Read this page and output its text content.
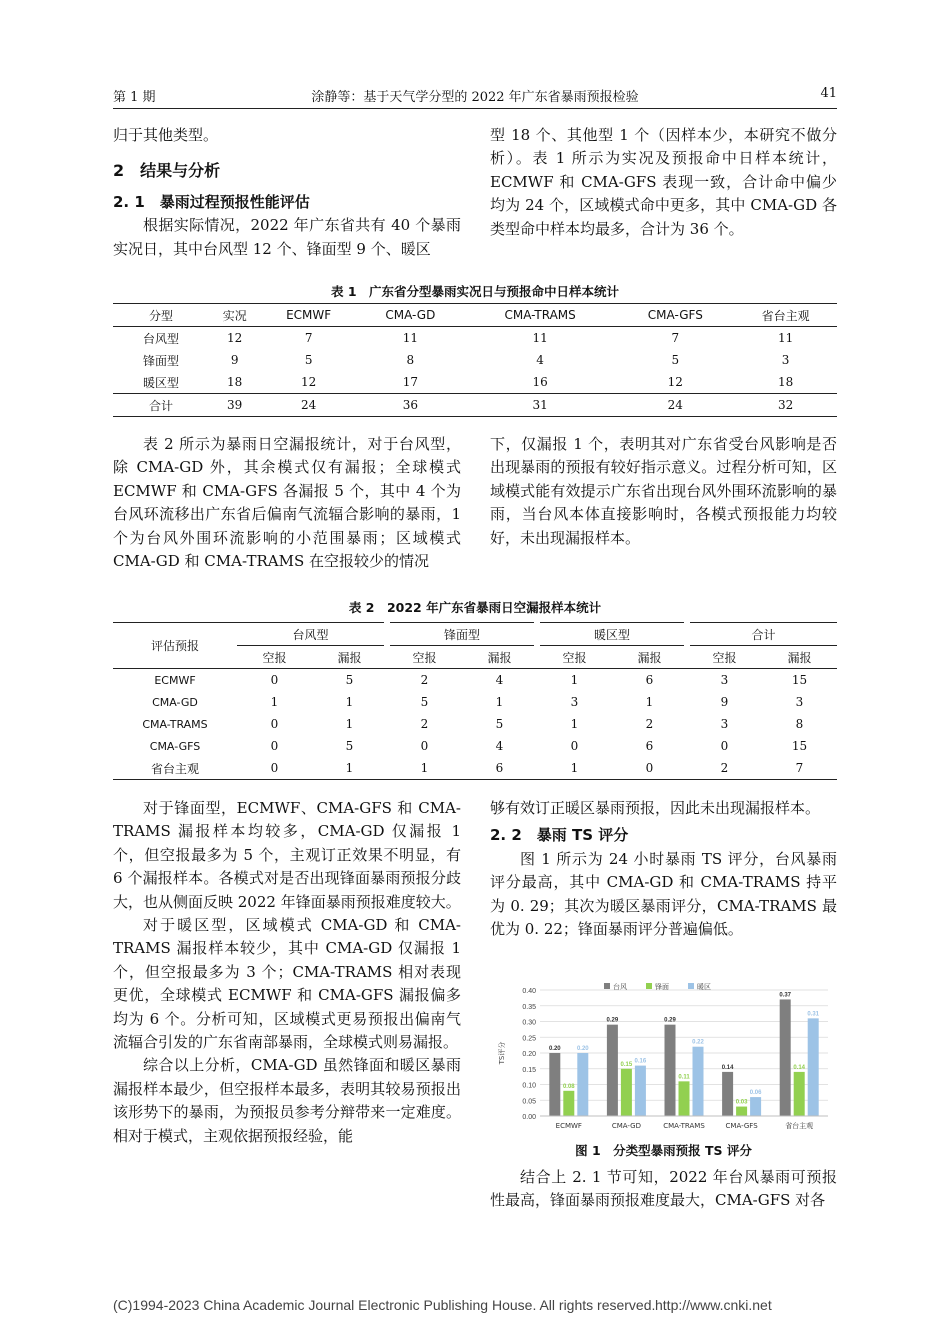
第 1 期	涂静等：基于天气学分型的 2022 年广东省暴雨预报检验	41

归于其他类型。

2　结果与分析
2. 1　暴雨过程预报性能评估

根据实际情况，2022 年广东省共有 40 个暴雨实况日，其中台风型 12 个、锋面型 9 个、暖区

型 18 个、其他型 1 个（因样本少，本研究不做分析）。表 1 所示为实况及预报命中日样本统计，ECMWF 和 CMA-GFS 表现一致，合计命中偏少均为 24 个，区域模式命中更多，其中 CMA-GD 各类型命中样本均最多，合计为 36 个。

表 1　广东省分型暴雨实况日与预报命中日样本统计
分型	实况	ECMWF	CMA-GD	CMA-TRAMS	CMA-GFS	省台主观
台风型	12	7	11	11	7	11
锋面型	9	5	8	4	5	3
暖区型	18	12	17	16	12	18
合计	39	24	36	31	24	32

表 2 所示为暴雨日空漏报统计，对于台风型，除 CMA-GD 外，其余模式仅有漏报；全球模式 ECMWF 和 CMA-GFS 各漏报 5 个，其中 4 个为台风环流移出广东省后偏南气流辐合影响的暴雨，1 个为台风外围环流影响的小范围暴雨；区域模式 CMA-GD 和 CMA-TRAMS 在空报较少的情况

下，仅漏报 1 个，表明其对广东省受台风影响是否出现暴雨的预报有较好指示意义。过程分析可知，区域模式能有效提示广东省出现台风外围环流影响的暴雨，当台风本体直接影响时，各模式预报能力均较好，未出现漏报样本。

表 2　2022 年广东省暴雨日空漏报样本统计
评估预报	台风型		锋面型		暖区型		合计	
	空报	漏报	空报	漏报	空报	漏报	空报	漏报
ECMWF	0	5	2	4	1	6	3	15
CMA-GD	1	1	5	1	3	1	9	3
CMA-TRAMS	0	1	2	5	1	2	3	8
CMA-GFS	0	5	0	4	0	6	0	15
省台主观	0	1	1	6	1	0	2	7

对于锋面型，ECMWF、CMA-GFS 和 CMA-TRAMS 漏报样本均较多，CMA-GD 仅漏报 1 个，但空报最多为 5 个，主观订正效果不明显，有 6 个漏报样本。各模式对是否出现锋面暴雨预报分歧大，也从侧面反映 2022 年锋面暴雨预报难度较大。

对于暖区型，区域模式 CMA-GD 和 CMA-TRAMS 漏报样本较少，其中 CMA-GD 仅漏报 1 个，但空报最多为 3 个；CMA-TRAMS 相对表现更优，全球模式 ECMWF 和 CMA-GFS 漏报偏多均为 6 个。分析可知，区域模式更易预报出偏南气流辐合引发的广东省南部暴雨，全球模式则易漏报。

综合以上分析，CMA-GD 虽然锋面和暖区暴雨漏报样本最少，但空报样本最多，表明其较易预报出该形势下的暴雨，为预报员参考分辩带来一定难度。相对于模式，主观依据预报经验，能

够有效订正暖区暴雨预报，因此未出现漏报样本。

2. 2　暴雨 TS 评分

图 1 所示为 24 小时暴雨 TS 评分，台风暴雨评分最高，其中 CMA-GD 和 CMA-TRAMS 持平为 0. 29；其次为暖区暴雨评分，CMA-TRAMS 最优为 0. 22；锋面暴雨评分普遍偏低。

0.00
0.05
0.10
0.15
0.20
0.25
0.30
0.35
0.40
TS评分	0.20
0.08
0.20
ECMWF
0.29
0.15
0.16
CMA-GD
0.29
0.11
0.22
CMA-TRAMS
0.14
0.03
0.06
CMA-GFS
0.37
0.14
0.31
省台主观
台风	锋面	暖区
图 1　分类型暴雨预报 TS 评分

结合上 2. 1 节可知，2022 年台风暴雨可预报性最高，锋面暴雨预报难度最大，CMA-GFS 对各

(C)1994-2023 China Academic Journal Electronic Publishing House. All rights reserved. http://www.cnki.net
